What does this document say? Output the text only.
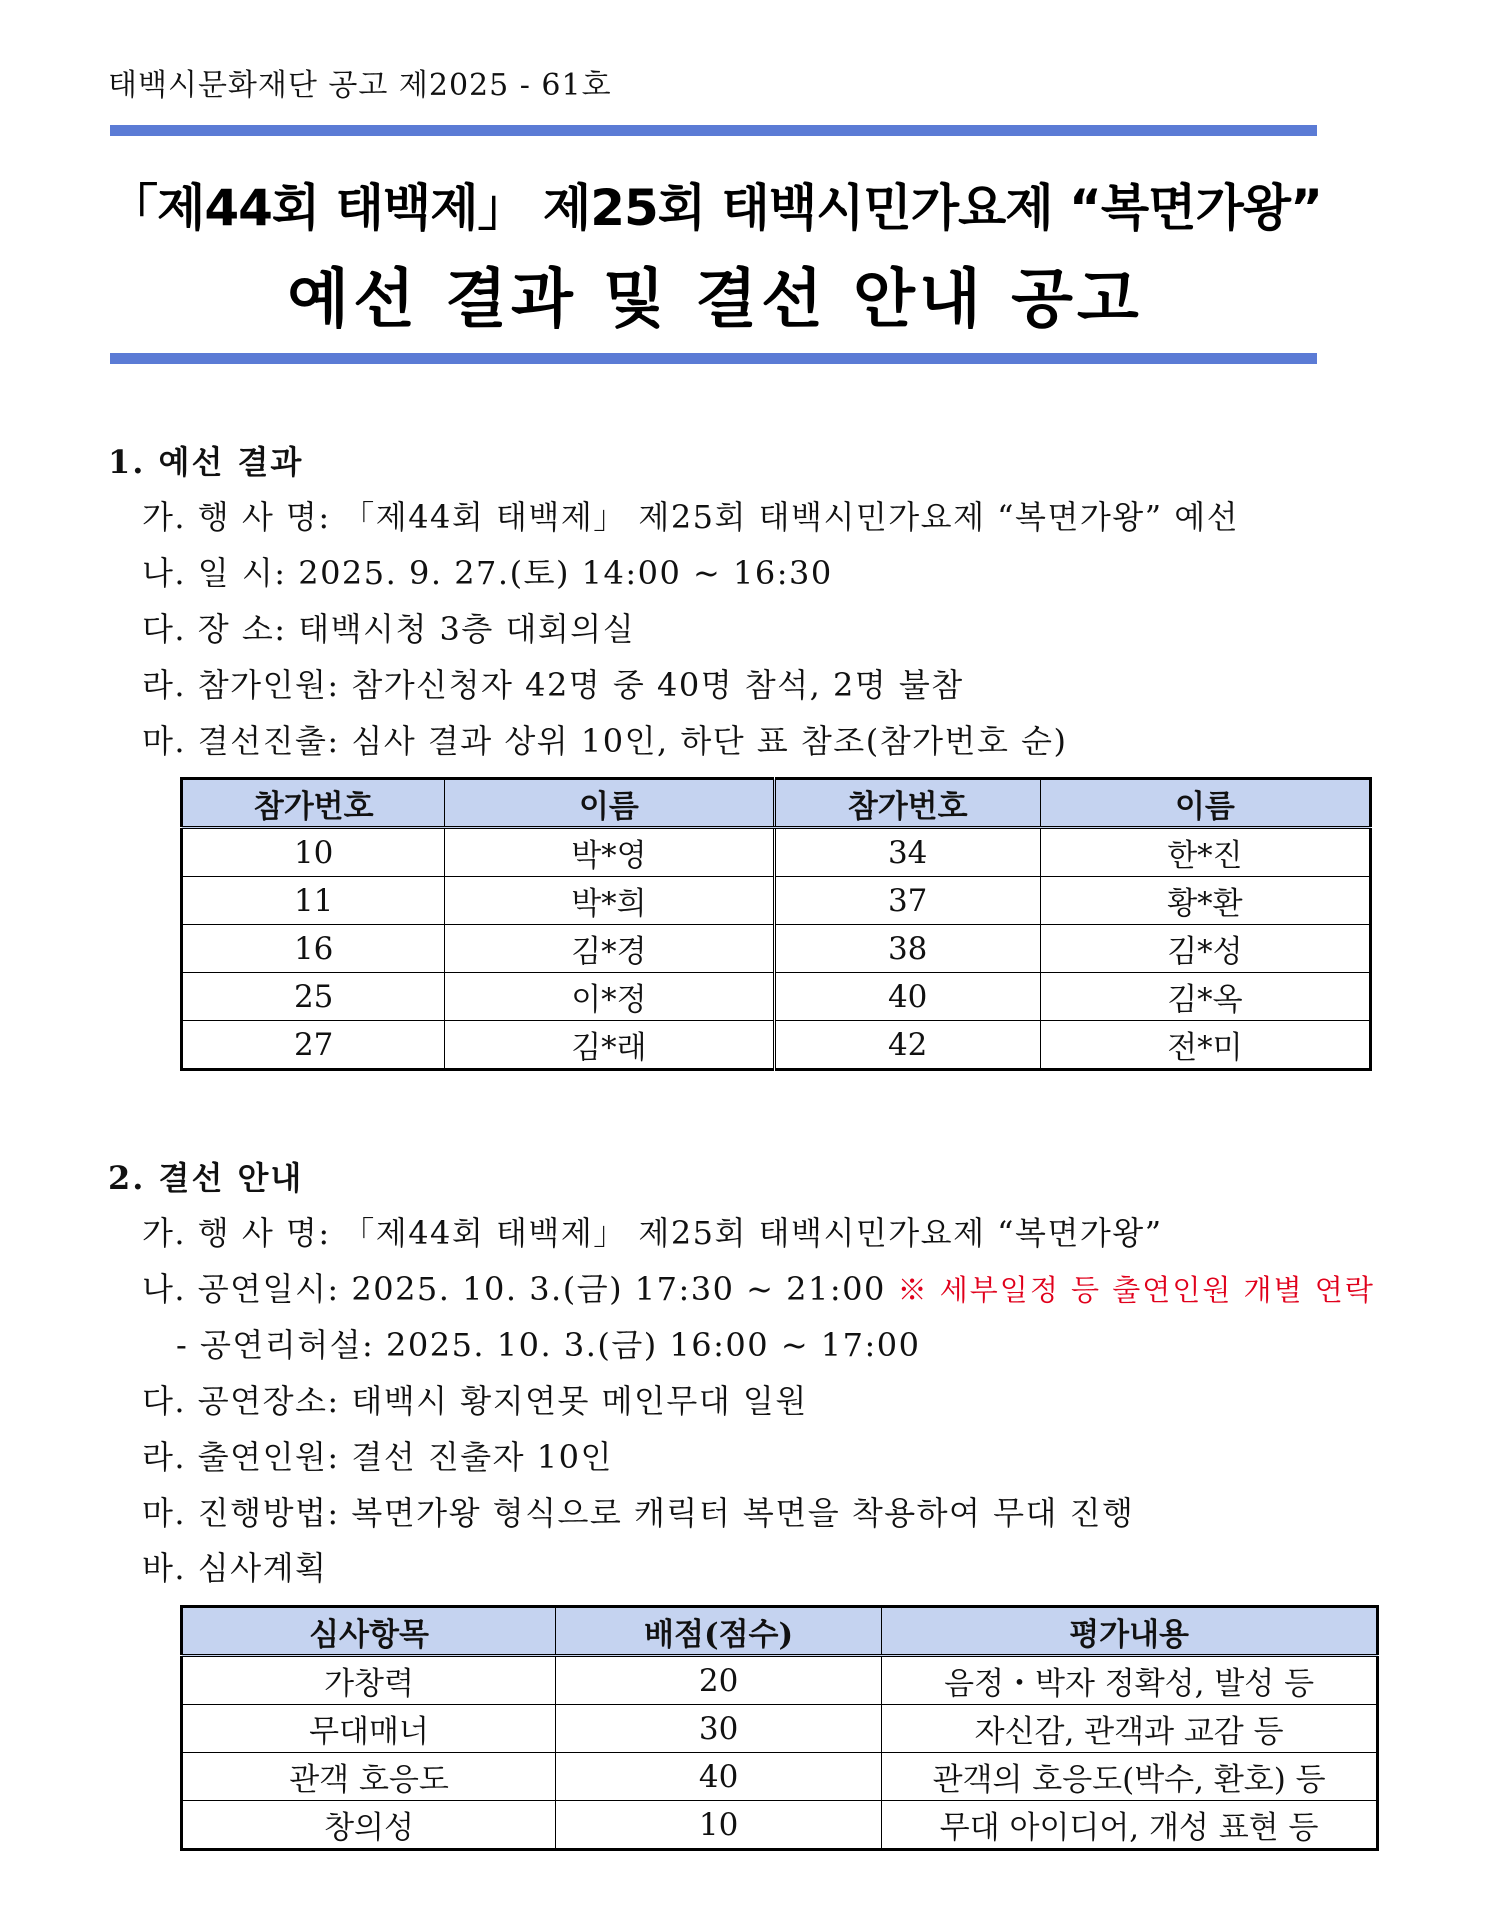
태백시문화재단 공고 제2025 - 61호
「제44회 태백제」 제25회 태백시민가요제 “복면가왕”
예선 결과 및 결선 안내 공고
1. 예선 결과
가. 행 사 명: 「제44회 태백제」 제25회 태백시민가요제 “복면가왕” 예선
나. 일 시: 2025. 9. 27.(토) 14:00 ~ 16:30
다. 장 소: 태백시청 3층 대회의실
라. 참가인원: 참가신청자 42명 중 40명 참석, 2명 불참
마. 결선진출: 심사 결과 상위 10인, 하단 표 참조(참가번호 순)
참가번호	이름	참가번호	이름
10	박*영	34	한*진
11	박*희	37	황*환
16	김*경	38	김*성
25	이*정	40	김*옥
27	김*래	42	전*미
2. 결선 안내
가. 행 사 명: 「제44회 태백제」 제25회 태백시민가요제 “복면가왕”
나. 공연일시: 2025. 10. 3.(금) 17:30 ~ 21:00 ※ 세부일정 등 출연인원 개별 연락
- 공연리허설: 2025. 10. 3.(금) 16:00 ~ 17:00
다. 공연장소: 태백시 황지연못 메인무대 일원
라. 출연인원: 결선 진출자 10인
마. 진행방법: 복면가왕 형식으로 캐릭터 복면을 착용하여 무대 진행
바. 심사계획
심사항목	배점(점수)	평가내용
가창력	20	음정・박자 정확성, 발성 등
무대매너	30	자신감, 관객과 교감 등
관객 호응도	40	관객의 호응도(박수, 환호) 등
창의성	10	무대 아이디어, 개성 표현 등
